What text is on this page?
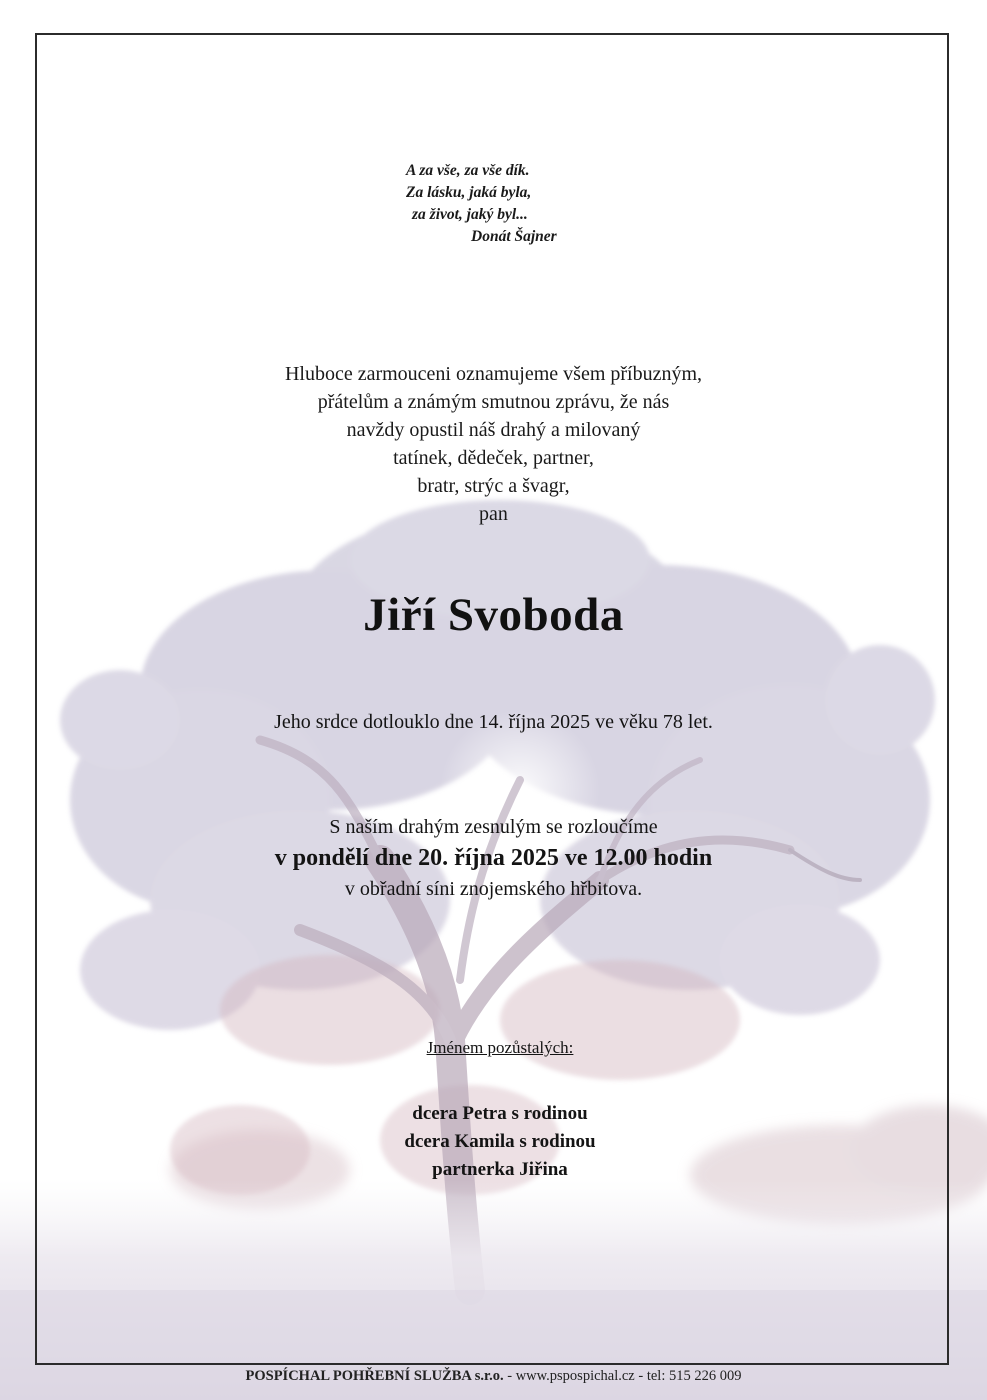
A za vše, za vše dík.
Za lásku, jaká byla,
za život, jaký byl...
Donát Šajner
Hluboce zarmouceni oznamujeme všem příbuzným,
přátelům a známým smutnou zprávu, že nás
navždy opustil náš drahý a milovaný
tatínek, dědeček, partner,
bratr, strýc a švagr,
pan
Jiří Svoboda
Jeho srdce dotlouklo dne 14. října 2025 ve věku 78 let.
S naším drahým zesnulým se rozloučíme
v pondělí dne 20. října 2025 ve 12.00 hodin
v obřadní síni znojemského hřbitova.
Jménem pozůstalých:
dcera Petra s rodinou
dcera Kamila s rodinou
partnerka Jiřina
POSPÍCHAL POHŘEBNÍ SLUŽBA s.r.o. - www.pspospichal.cz - tel: 515 226 009
